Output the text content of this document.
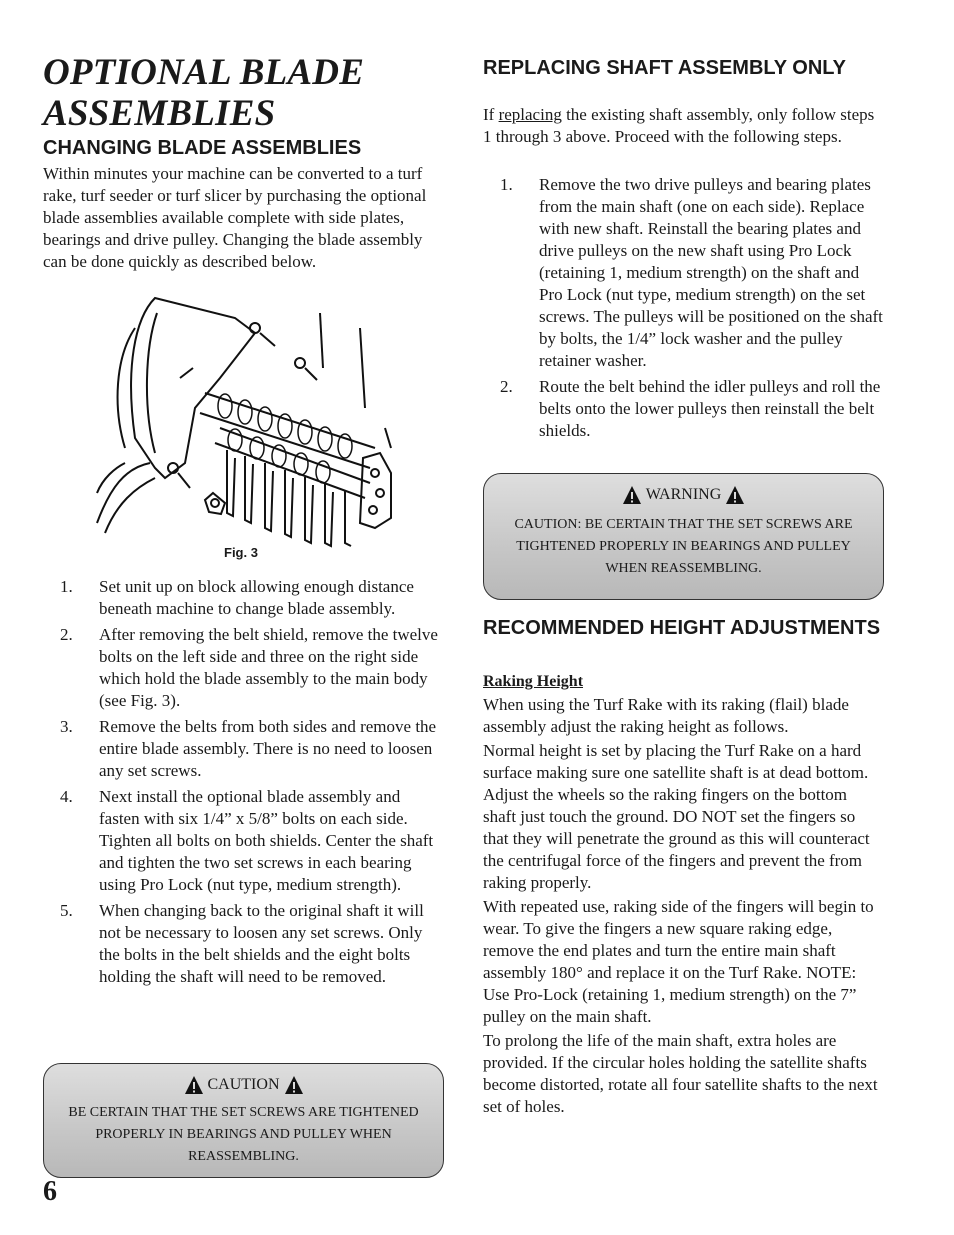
OPTIONAL BLADE ASSEMBLIES
CHANGING BLADE ASSEMBLIES

Within minutes your machine can be converted to a turf rake, turf seeder or turf slicer by purchasing the optional blade assemblies available complete with side plates, bearings and drive pulley. Changing the blade assembly can be done quickly as described below.

Fig. 3
1. Set unit up on block allowing enough distance beneath machine to change blade assembly.
2. After removing the belt shield, remove the twelve bolts on the left side and three on the right side which hold the blade assembly to the main body (see Fig. 3).
3. Remove the belts from both sides and remove the entire blade assembly. There is no need to loosen any set screws.
4. Next install the optional blade assembly and fasten with six 1/4” x 5/8” bolts on each side. Tighten all bolts on both shields. Center the shaft and tighten the two set screws in each bearing using Pro Lock (nut type, medium strength).
5. When changing back to the original shaft it will not be necessary to loosen any set screws. Only the bolts in the belt shields and the eight bolts holding the shaft will need to be removed.
CAUTION
BE CERTAIN THAT THE SET SCREWS ARE TIGHTENED PROPERLY IN BEARINGS AND PULLEY WHEN REASSEMBLING.
6
REPLACING SHAFT ASSEMBLY ONLY

If replacing the existing shaft assembly, only follow steps 1 through 3 above. Proceed with the following steps.

1. Remove the two drive pulleys and bearing plates from the main shaft (one on each side). Replace with new shaft. Reinstall the bearing plates and drive pulleys on the new shaft using Pro Lock (retaining 1, medium strength) on the shaft and Pro Lock (nut type, medium strength) on the set screws. The pulleys will be positioned on the shaft by bolts, the 1/4” lock washer and the pulley retainer washer.
2. Route the belt behind the idler pulleys and roll the belts onto the lower pulleys then reinstall the belt shields.
WARNING
CAUTION: BE CERTAIN THAT THE SET SCREWS ARE TIGHTENED PROPERLY IN BEARINGS AND PULLEY WHEN REASSEMBLING.
RECOMMENDED HEIGHT ADJUSTMENTS
Raking Height

When using the Turf Rake with its raking (flail) blade assembly adjust the raking height as follows.

Normal height is set by placing the Turf Rake on a hard surface making sure one satellite shaft is at dead bottom. Adjust the wheels so the raking fingers on the bottom shaft just touch the ground. DO NOT set the fingers so that they will penetrate the ground as this will counteract the centrifugal force of the fingers and prevent the from raking properly.

With repeated use, raking side of the fingers will begin to wear. To give the fingers a new square raking edge, remove the end plates and turn the entire main shaft assembly 180° and replace it on the Turf Rake. NOTE: Use Pro-Lock (retaining 1, medium strength) on the 7” pulley on the main shaft.

To prolong the life of the main shaft, extra holes are provided. If the circular holes holding the satellite shafts become distorted, rotate all four satellite shafts to the next set of holes.
